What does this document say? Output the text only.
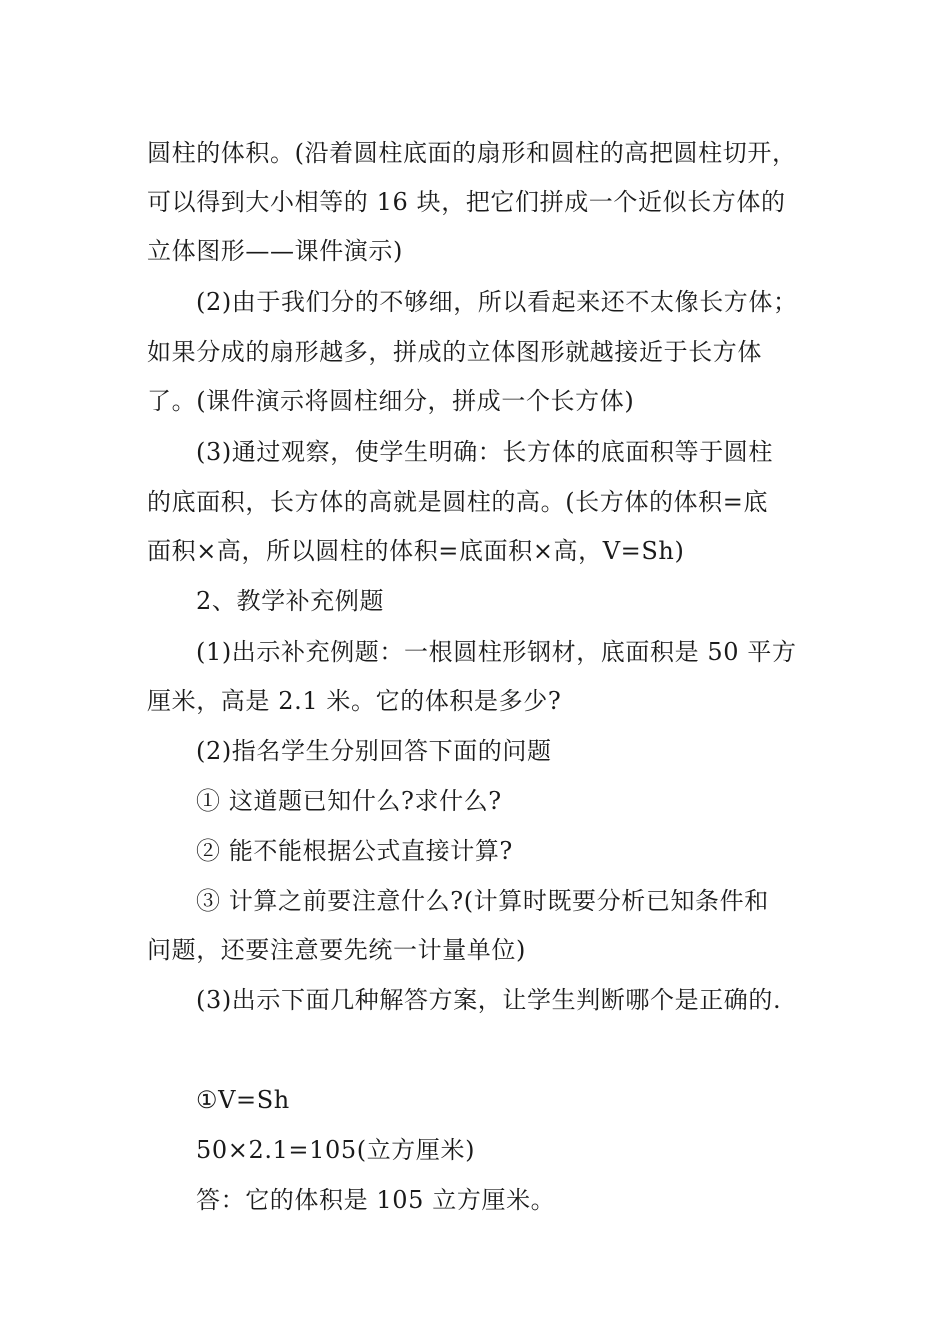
圆柱的体积。(沿着圆柱底面的扇形和圆柱的高把圆柱切开，
可以得到大小相等的 16 块，把它们拼成一个近似长方体的
立体图形——课件演示)
(2)由于我们分的不够细，所以看起来还不太像长方体；
如果分成的扇形越多，拼成的立体图形就越接近于长方体
了。(课件演示将圆柱细分，拼成一个长方体)
(3)通过观察，使学生明确：长方体的底面积等于圆柱
的底面积，长方体的高就是圆柱的高。(长方体的体积=底
面积×高，所以圆柱的体积=底面积×高，V=Sh)
2、教学补充例题
(1)出示补充例题：一根圆柱形钢材，底面积是 50 平方
厘米，高是 2.1 米。它的体积是多少?
(2)指名学生分别回答下面的问题
① 这道题已知什么?求什么?
② 能不能根据公式直接计算?
③ 计算之前要注意什么?(计算时既要分析已知条件和
问题，还要注意要先统一计量单位)
(3)出示下面几种解答方案，让学生判断哪个是正确的.
①V=Sh
50×2.1=105(立方厘米)
答：它的体积是 105 立方厘米。
